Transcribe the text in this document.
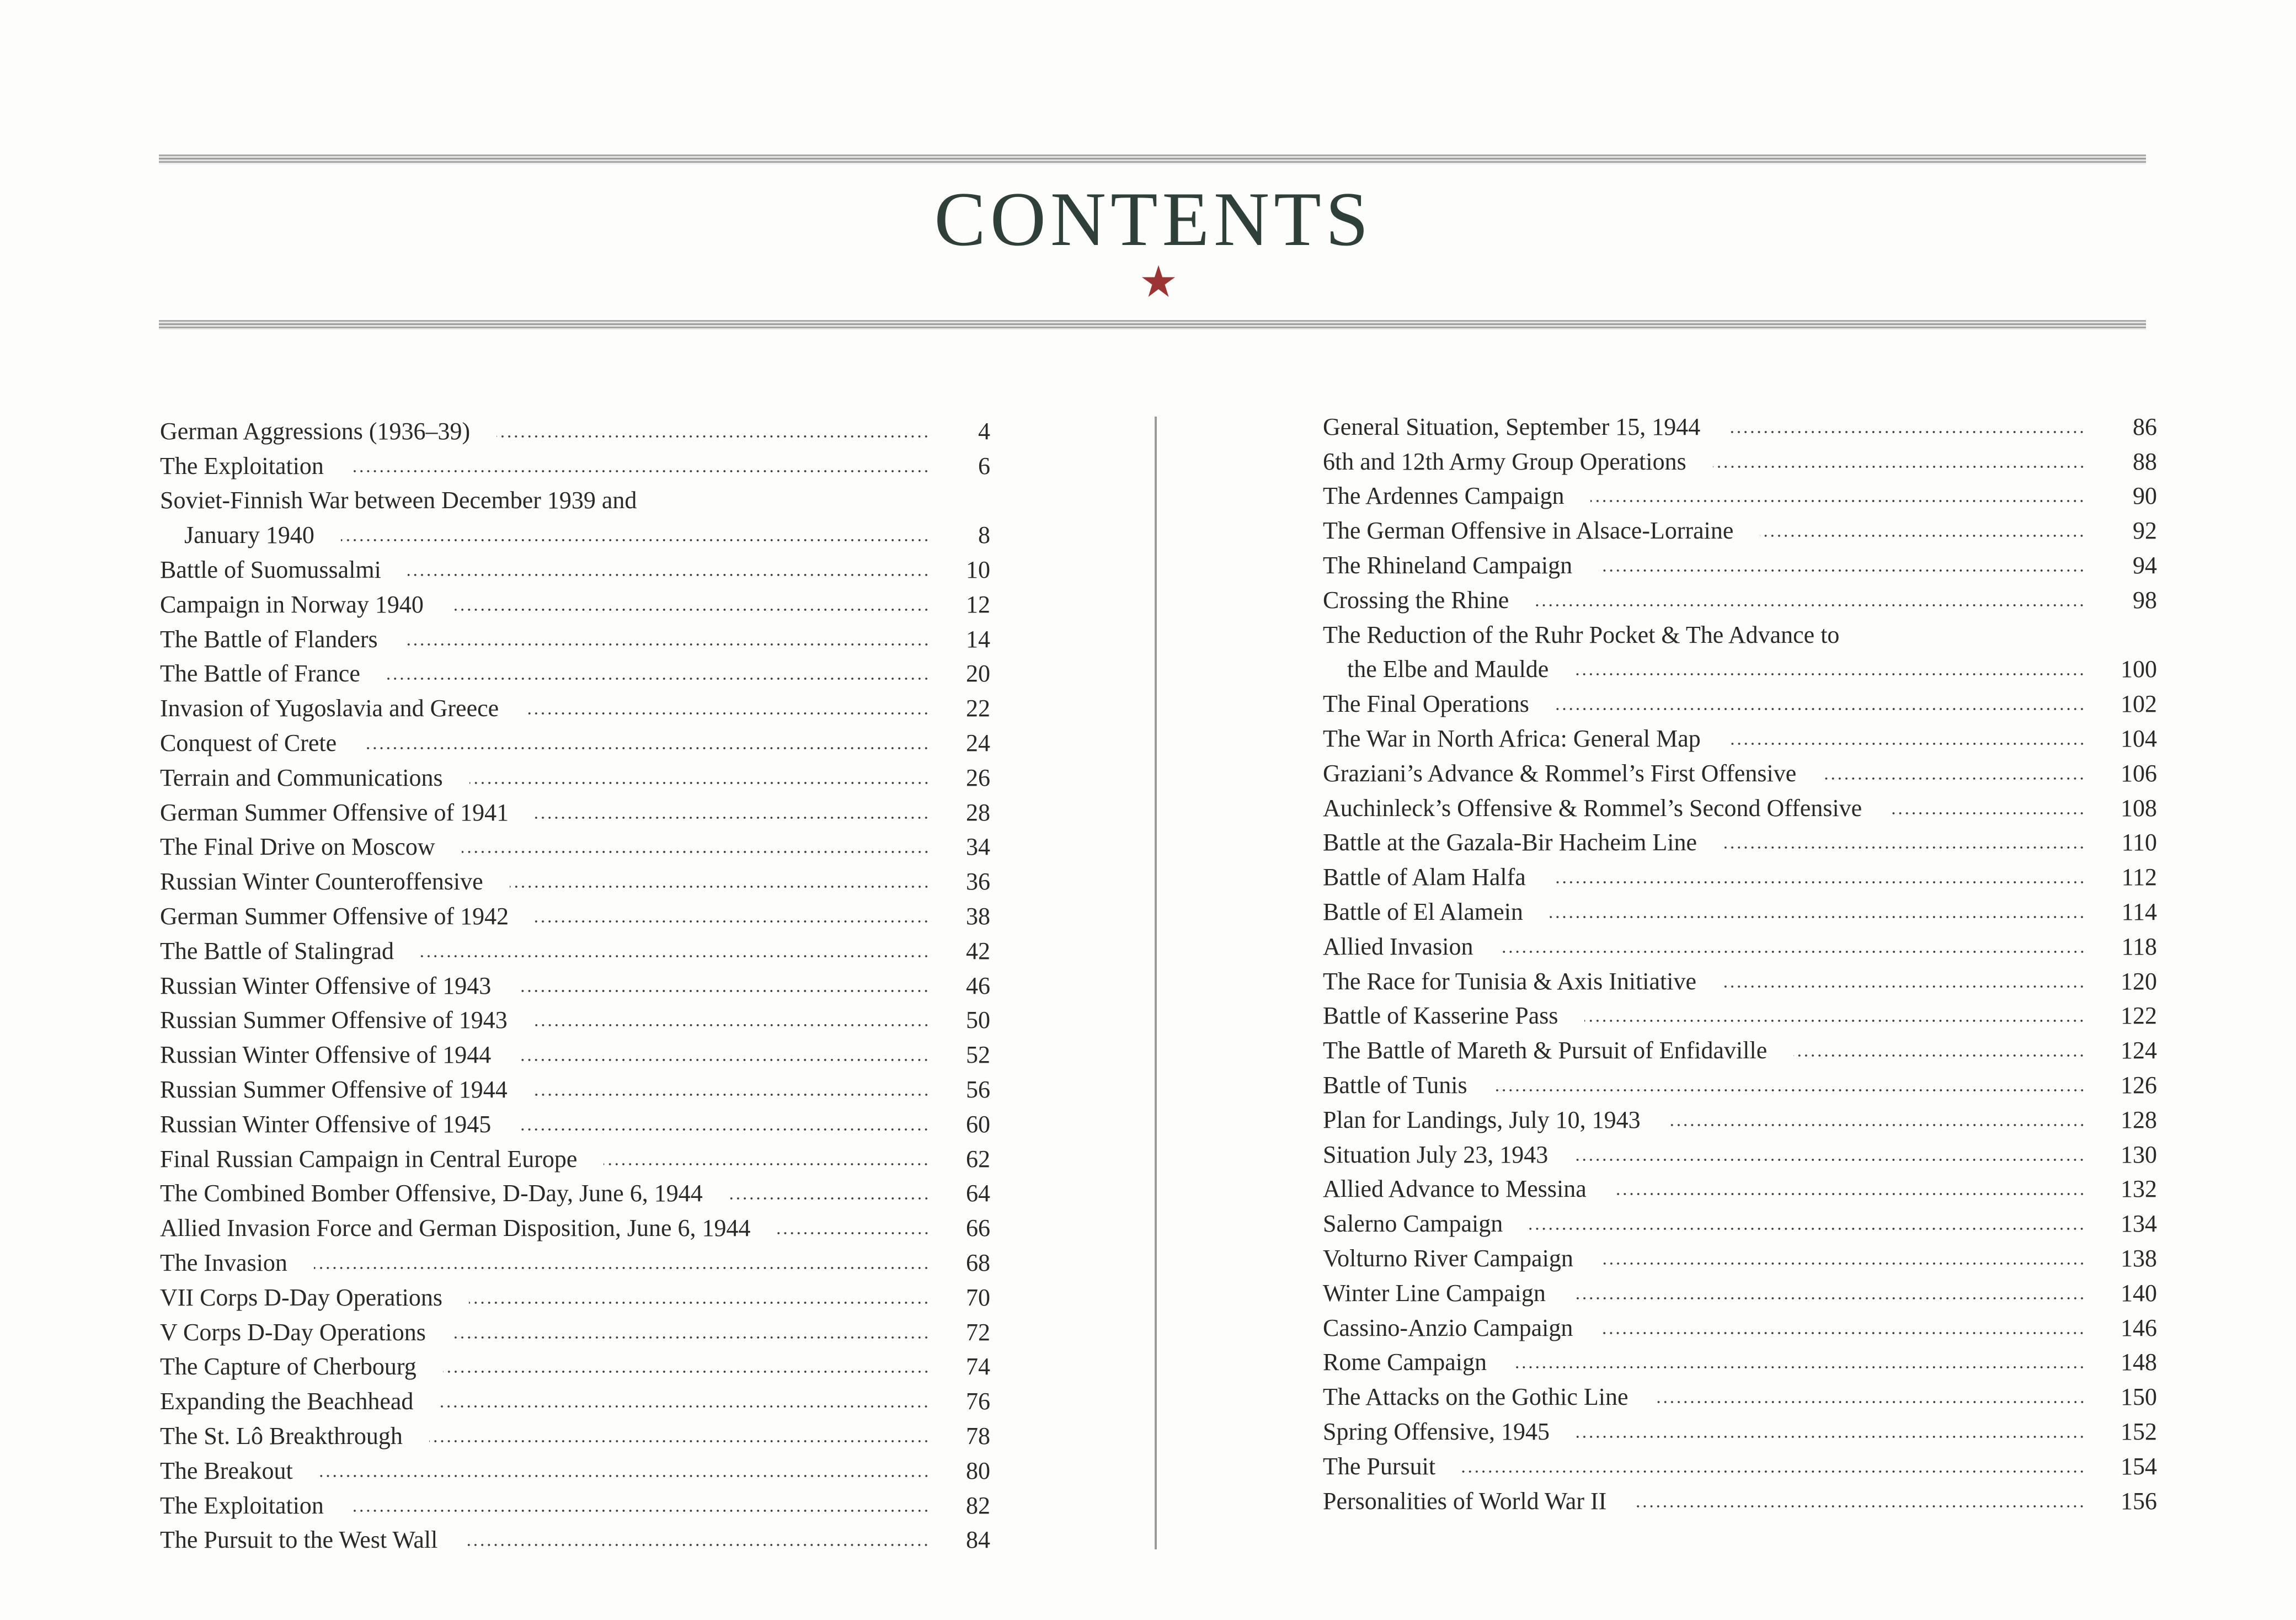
CONTENTS
German Aggressions (1936–39)	4
The Exploitation	6
Soviet-Finnish War between December 1939 and
January 1940	8
Battle of Suomussalmi	10
Campaign in Norway 1940	12
The Battle of Flanders	14
The Battle of France	20
Invasion of Yugoslavia and Greece	22
Conquest of Crete	24
Terrain and Communications	26
German Summer Offensive of 1941	28
The Final Drive on Moscow	34
Russian Winter Counteroffensive	36
German Summer Offensive of 1942	38
The Battle of Stalingrad	42
Russian Winter Offensive of 1943	46
Russian Summer Offensive of 1943	50
Russian Winter Offensive of 1944	52
Russian Summer Offensive of 1944	56
Russian Winter Offensive of 1945	60
Final Russian Campaign in Central Europe	62
The Combined Bomber Offensive, D-Day, June 6, 1944	64
Allied Invasion Force and German Disposition, June 6, 1944	66
The Invasion	68
VII Corps D-Day Operations	70
V Corps D-Day Operations	72
The Capture of Cherbourg	74
Expanding the Beachhead	76
The St. Lô Breakthrough	78
The Breakout	80
The Exploitation	82
The Pursuit to the West Wall	84
General Situation, September 15, 1944	86
6th and 12th Army Group Operations	88
The Ardennes Campaign	90
The German Offensive in Alsace-Lorraine	92
The Rhineland Campaign	94
Crossing the Rhine	98
The Reduction of the Ruhr Pocket & The Advance to
the Elbe and Maulde	100
The Final Operations	102
The War in North Africa: General Map	104
Graziani’s Advance & Rommel’s First Offensive	106
Auchinleck’s Offensive & Rommel’s Second Offensive	108
Battle at the Gazala-Bir Hacheim Line	110
Battle of Alam Halfa	112
Battle of El Alamein	114
Allied Invasion	118
The Race for Tunisia & Axis Initiative	120
Battle of Kasserine Pass	122
The Battle of Mareth & Pursuit of Enfidaville	124
Battle of Tunis	126
Plan for Landings, July 10, 1943	128
Situation July 23, 1943	130
Allied Advance to Messina	132
Salerno Campaign	134
Volturno River Campaign	138
Winter Line Campaign	140
Cassino-Anzio Campaign	146
Rome Campaign	148
The Attacks on the Gothic Line	150
Spring Offensive, 1945	152
The Pursuit	154
Personalities of World War II	156
